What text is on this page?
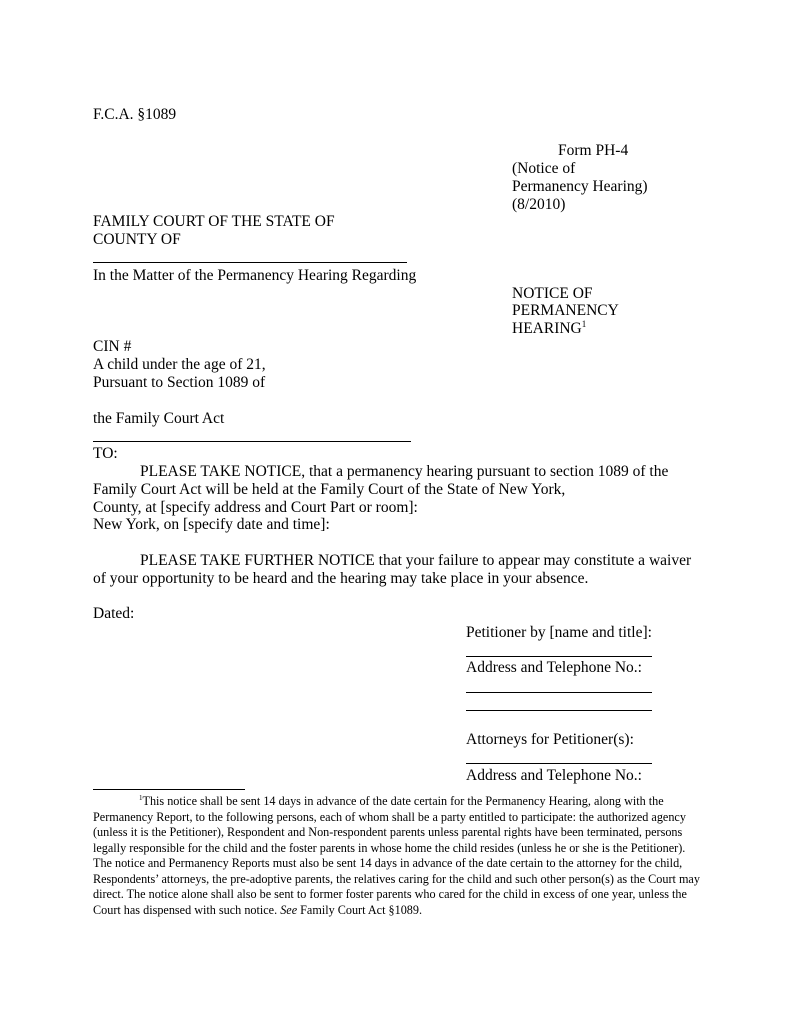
F.C.A. §1089
Form PH-4
(Notice of
Permanency Hearing)
(8/2010)
FAMILY COURT OF THE STATE OF
COUNTY OF
In the Matter of the Permanency Hearing Regarding
NOTICE OF
PERMANENCY
HEARING$^1$
CIN #
A child under the age of 21,
Pursuant to Section 1089 of
the Family Court Act
TO:
PLEASE TAKE NOTICE, that a permanency hearing pursuant to section 1089 of the
Family Court Act will be held at the Family Court of the State of New York,
County, at [specify address and Court Part or room]:
New York, on [specify date and time]:
PLEASE TAKE FURTHER NOTICE that your failure to appear may constitute a waiver
of your opportunity to be heard and the hearing may take place in your absence.
Dated:
Petitioner by [name and title]:
Address and Telephone No.:
Attorneys for Petitioner(s):
Address and Telephone No.:
$^1$This notice shall be sent 14 days in advance of the date certain for the Permanency Hearing, along with the Permanency Report, to the following persons, each of whom shall be a party entitled to participate: the authorized agency (unless it is the Petitioner), Respondent and Non-respondent parents unless parental rights have been terminated, persons legally responsible for the child and the foster parents in whose home the child resides (unless he or she is the Petitioner). The notice and Permanency Reports must also be sent 14 days in advance of the date certain to the attorney for the child, Respondents’ attorneys, the pre-adoptive parents, the relatives caring for the child and such other person(s) as the Court may direct. The notice alone shall also be sent to former foster parents who cared for the child in excess of one year, unless the Court has dispensed with such notice. See Family Court Act §1089.
